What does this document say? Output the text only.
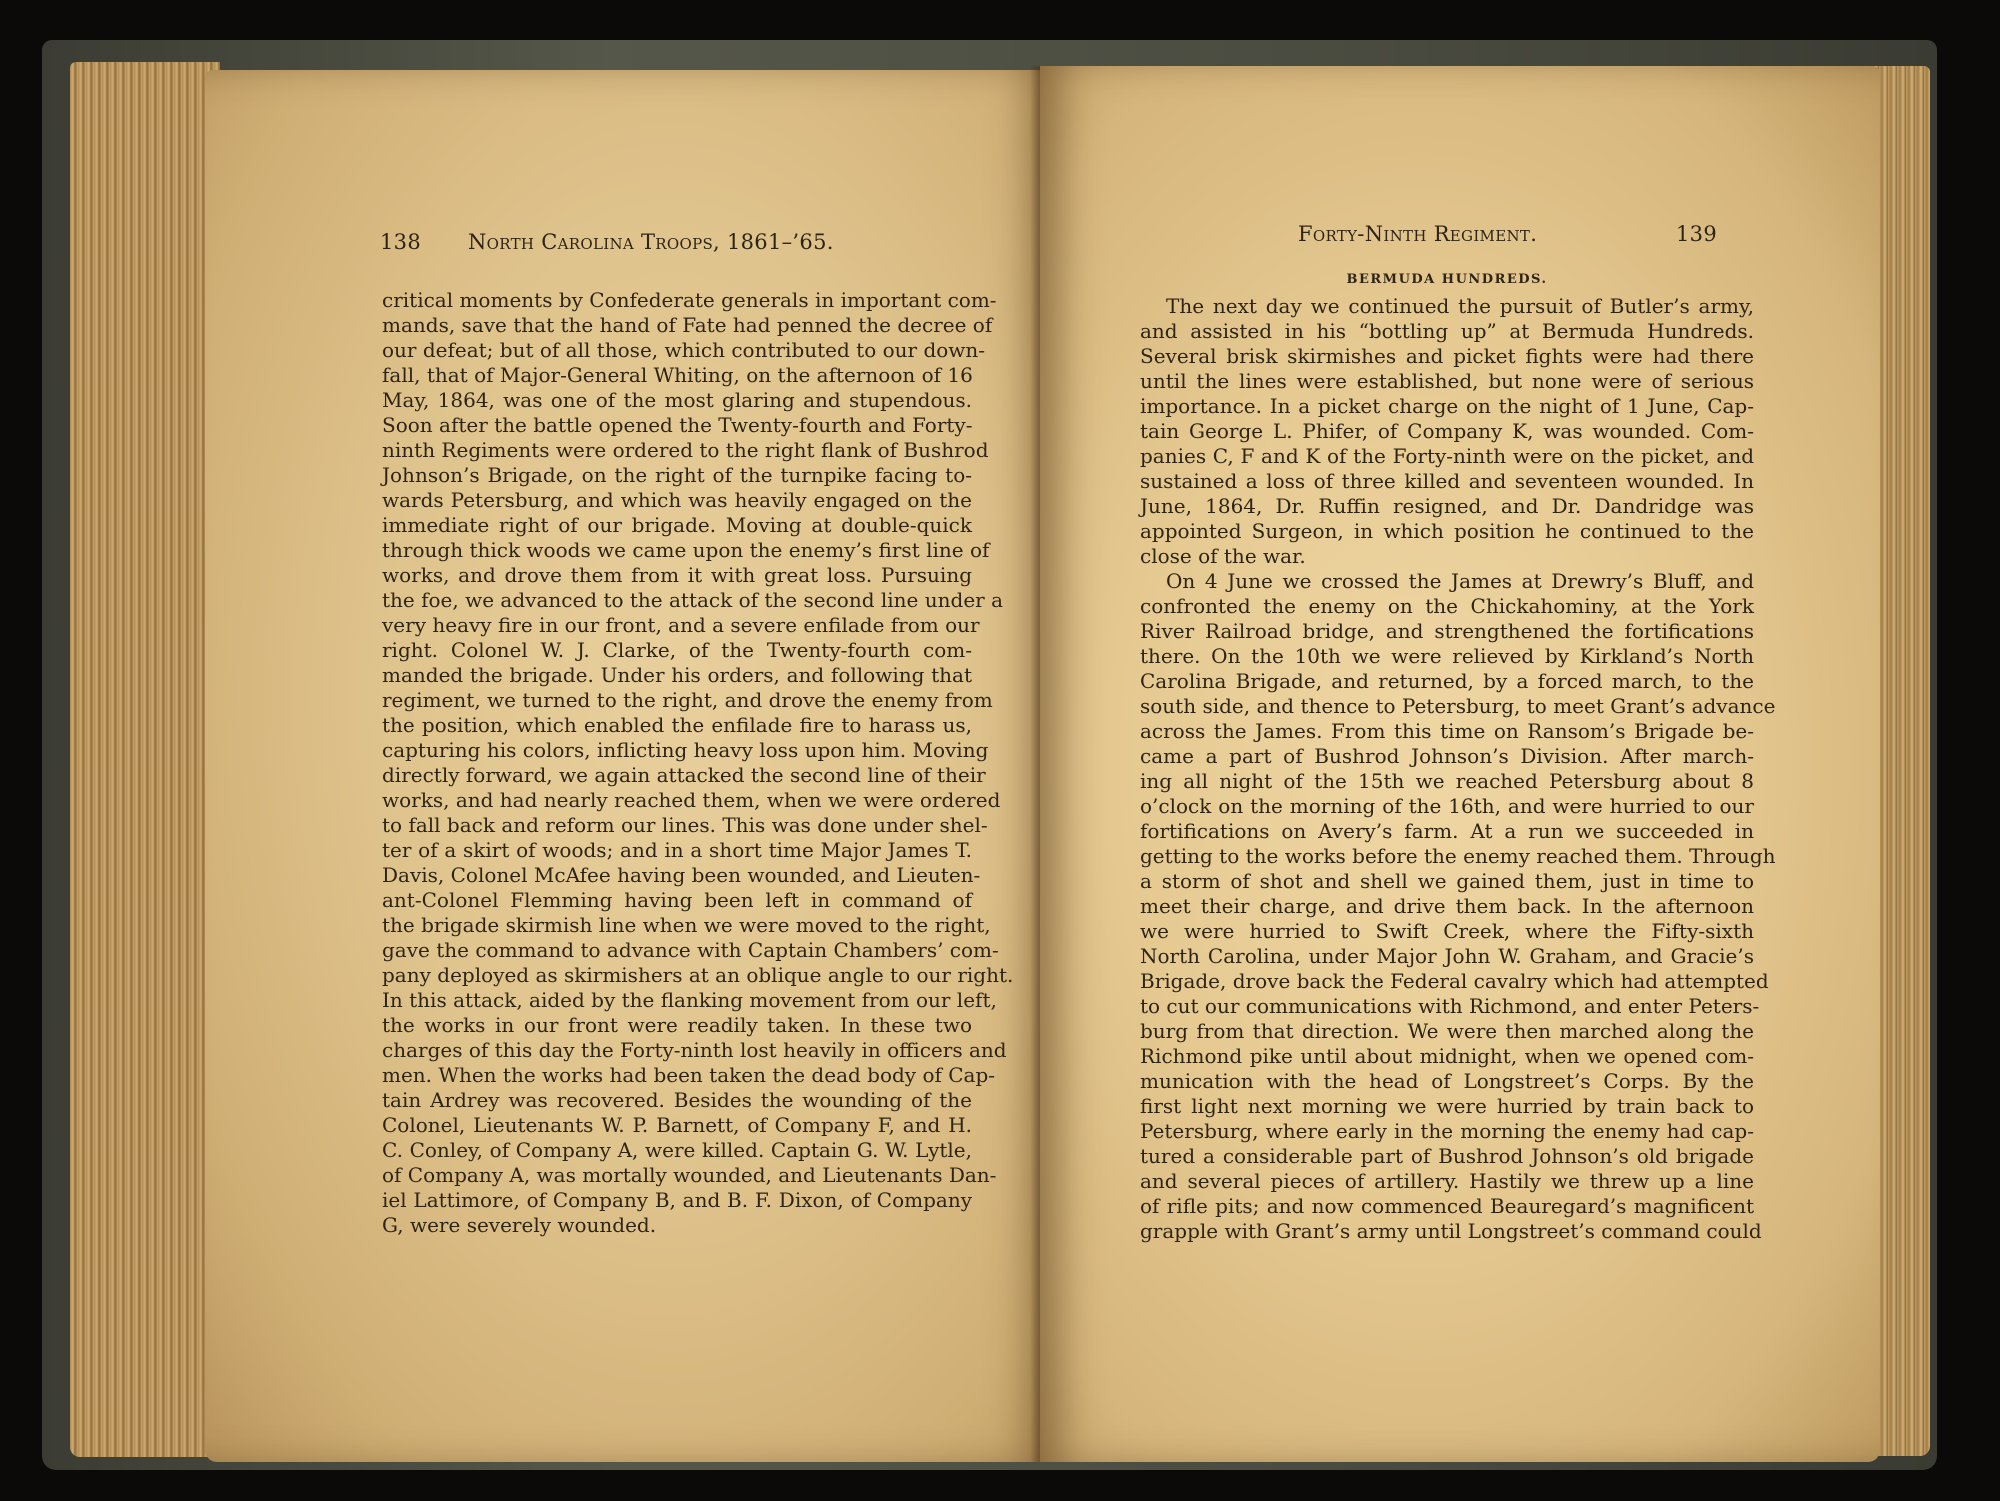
138 North Carolina Troops, 1861–’65.
critical moments by Confederate generals in important com-
mands, save that the hand of Fate had penned the decree of
our defeat; but of all those, which contributed to our down-
fall, that of Major-General Whiting, on the afternoon of 16
May, 1864, was one of the most glaring and stupendous.
Soon after the battle opened the Twenty-fourth and Forty-
ninth Regiments were ordered to the right flank of Bushrod
Johnson’s Brigade, on the right of the turnpike facing to-
wards Petersburg, and which was heavily engaged on the
immediate right of our brigade. Moving at double-quick
through thick woods we came upon the enemy’s first line of
works, and drove them from it with great loss. Pursuing
the foe, we advanced to the attack of the second line under a
very heavy fire in our front, and a severe enfilade from our
right. Colonel W. J. Clarke, of the Twenty-fourth com-
manded the brigade. Under his orders, and following that
regiment, we turned to the right, and drove the enemy from
the position, which enabled the enfilade fire to harass us,
capturing his colors, inflicting heavy loss upon him. Moving
directly forward, we again attacked the second line of their
works, and had nearly reached them, when we were ordered
to fall back and reform our lines. This was done under shel-
ter of a skirt of woods; and in a short time Major James T.
Davis, Colonel McAfee having been wounded, and Lieuten-
ant-Colonel Flemming having been left in command of
the brigade skirmish line when we were moved to the right,
gave the command to advance with Captain Chambers’ com-
pany deployed as skirmishers at an oblique angle to our right.
In this attack, aided by the flanking movement from our left,
the works in our front were readily taken. In these two
charges of this day the Forty-ninth lost heavily in officers and
men. When the works had been taken the dead body of Cap-
tain Ardrey was recovered. Besides the wounding of the
Colonel, Lieutenants W. P. Barnett, of Company F, and H.
C. Conley, of Company A, were killed. Captain G. W. Lytle,
of Company A, was mortally wounded, and Lieutenants Dan-
iel Lattimore, of Company B, and B. F. Dixon, of Company
G, were severely wounded.
Forty-Ninth Regiment.	139
BERMUDA HUNDREDS.
The next day we continued the pursuit of Butler’s army,
and assisted in his “bottling up” at Bermuda Hundreds.
Several brisk skirmishes and picket fights were had there
until the lines were established, but none were of serious
importance. In a picket charge on the night of 1 June, Cap-
tain George L. Phifer, of Company K, was wounded. Com-
panies C, F and K of the Forty-ninth were on the picket, and
sustained a loss of three killed and seventeen wounded. In
June, 1864, Dr. Ruffin resigned, and Dr. Dandridge was
appointed Surgeon, in which position he continued to the
close of the war.
On 4 June we crossed the James at Drewry’s Bluff, and
confronted the enemy on the Chickahominy, at the York
River Railroad bridge, and strengthened the fortifications
there. On the 10th we were relieved by Kirkland’s North
Carolina Brigade, and returned, by a forced march, to the
south side, and thence to Petersburg, to meet Grant’s advance
across the James. From this time on Ransom’s Brigade be-
came a part of Bushrod Johnson’s Division. After march-
ing all night of the 15th we reached Petersburg about 8
o’clock on the morning of the 16th, and were hurried to our
fortifications on Avery’s farm. At a run we succeeded in
getting to the works before the enemy reached them. Through
a storm of shot and shell we gained them, just in time to
meet their charge, and drive them back. In the afternoon
we were hurried to Swift Creek, where the Fifty-sixth
North Carolina, under Major John W. Graham, and Gracie’s
Brigade, drove back the Federal cavalry which had attempted
to cut our communications with Richmond, and enter Peters-
burg from that direction. We were then marched along the
Richmond pike until about midnight, when we opened com-
munication with the head of Longstreet’s Corps. By the
first light next morning we were hurried by train back to
Petersburg, where early in the morning the enemy had cap-
tured a considerable part of Bushrod Johnson’s old brigade
and several pieces of artillery. Hastily we threw up a line
of rifle pits; and now commenced Beauregard’s magnificent
grapple with Grant’s army until Longstreet’s command could
